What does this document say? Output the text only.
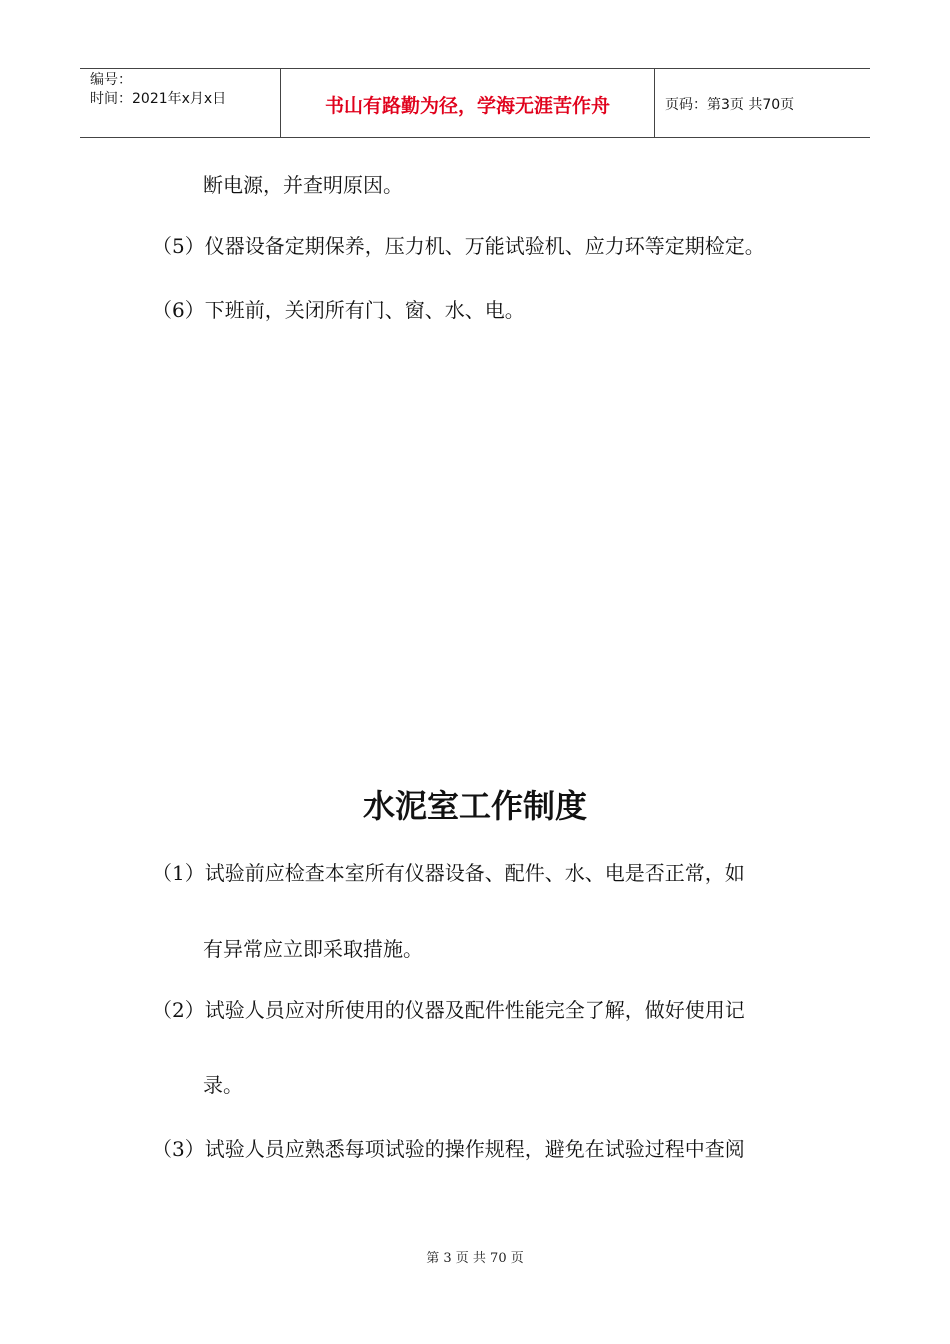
编号：
时间：2021年x月x日	书山有路勤为径，学海无涯苦作舟	页码：第3页 共70页
断电源，并查明原因。
（5）仪器设备定期保养，压力机、万能试验机、应力环等定期检定。
（6）下班前，关闭所有门、窗、水、电。
水泥室工作制度
（1）试验前应检查本室所有仪器设备、配件、水、电是否正常，如
有异常应立即采取措施。
（2）试验人员应对所使用的仪器及配件性能完全了解，做好使用记
录。
（3）试验人员应熟悉每项试验的操作规程，避免在试验过程中查阅
第 3 页 共 70 页
